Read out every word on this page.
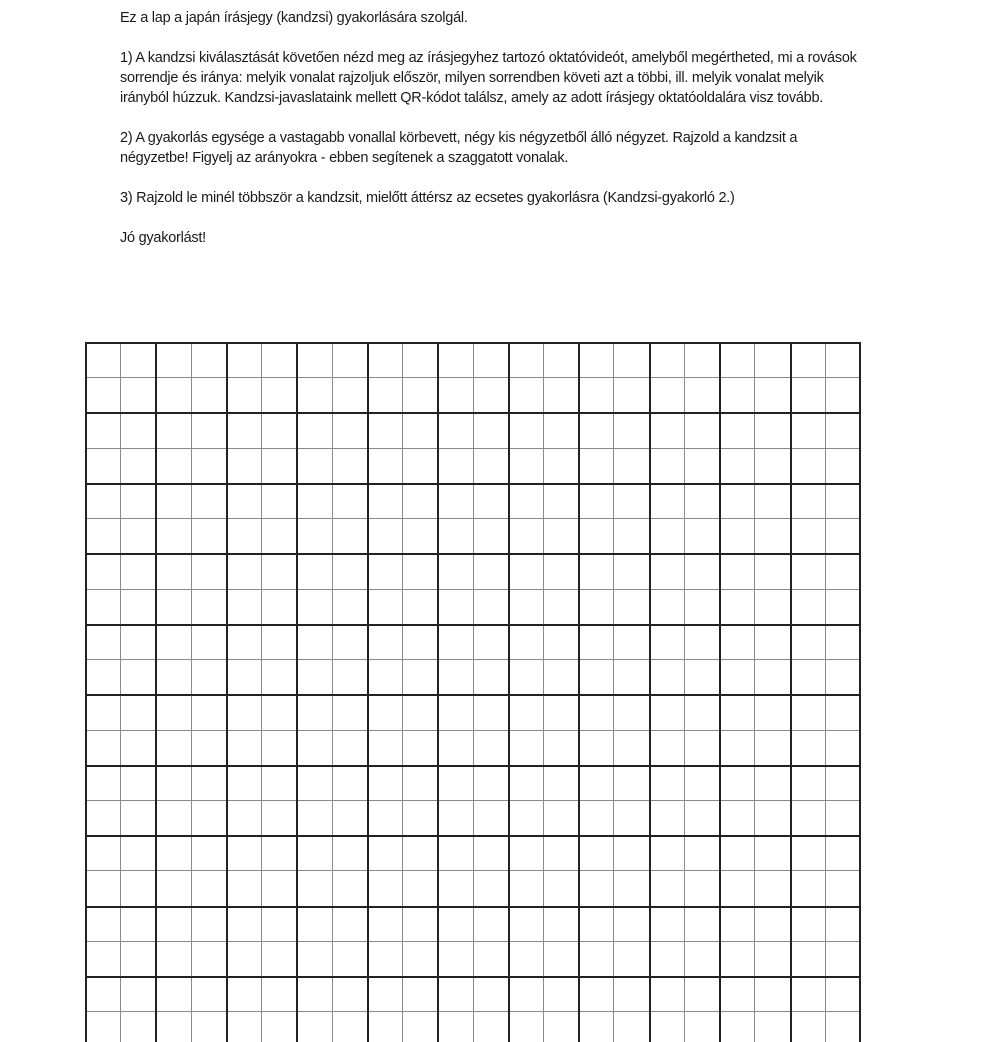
Ez a lap a japán írásjegy (kandzsi) gyakorlására szolgál.

1) A kandzsi kiválasztását követően nézd meg az írásjegyhez tartozó oktatóvideót, amelyből megértheted, mi a rovások sorrendje és iránya: melyik vonalat rajzoljuk először, milyen sorrendben követi azt a többi, ill. melyik vonalat melyik irányból húzzuk. Kandzsi-javaslataink mellett QR-kódot találsz, amely az adott írásjegy oktatóoldalára visz tovább.

2) A gyakorlás egysége a vastagabb vonallal körbevett, négy kis négyzetből álló négyzet. Rajzold a kandzsit a négyzetbe! Figyelj az arányokra - ebben segítenek a szaggatott vonalak.

3) Rajzold le minél többször a kandzsit, mielőtt áttérsz az ecsetes gyakorlásra (Kandzsi-gyakorló 2.)

Jó gyakorlást!
